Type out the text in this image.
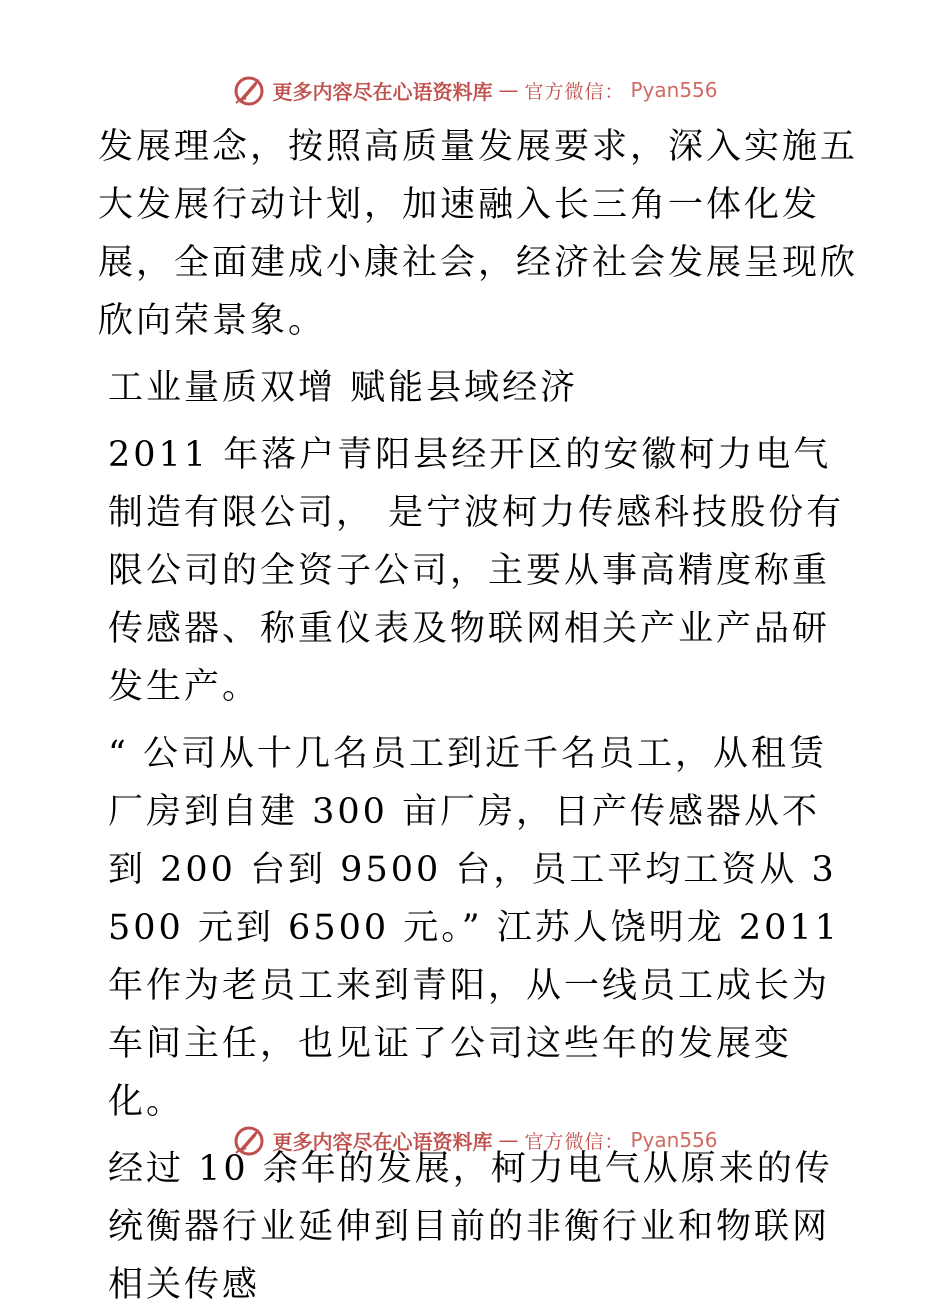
更多内容尽在心语资料库 — 官方微信： Pyan556

发展理念，按照高质量发展要求，深入实施五大发展行动计划，加速融入长三角一体化发展，全面建成小康社会，经济社会发展呈现欣欣向荣景象。

工业量质双增 赋能县域经济

2011 年落户青阳县经开区的安徽柯力电气制造有限公司， 是宁波柯力传感科技股份有限公司的全资子公司，主要从事高精度称重传感器、称重仪表及物联网相关产业产品研发生产。

“ 公司从十几名员工到近千名员工，从租赁厂房到自建 300 亩厂房，日产传感器从不到 200 台到 9500 台，员工平均工资从 3500 元到 6500 元。” 江苏人饶明龙 2011 年作为老员工来到青阳，从一线员工成长为车间主任，也见证了公司这些年的发展变化。

经过 10 余年的发展，柯力电气从原来的传统衡器行业延伸到目前的非衡行业和物联网相关传感

更多内容尽在心语资料库 — 官方微信： Pyan556
